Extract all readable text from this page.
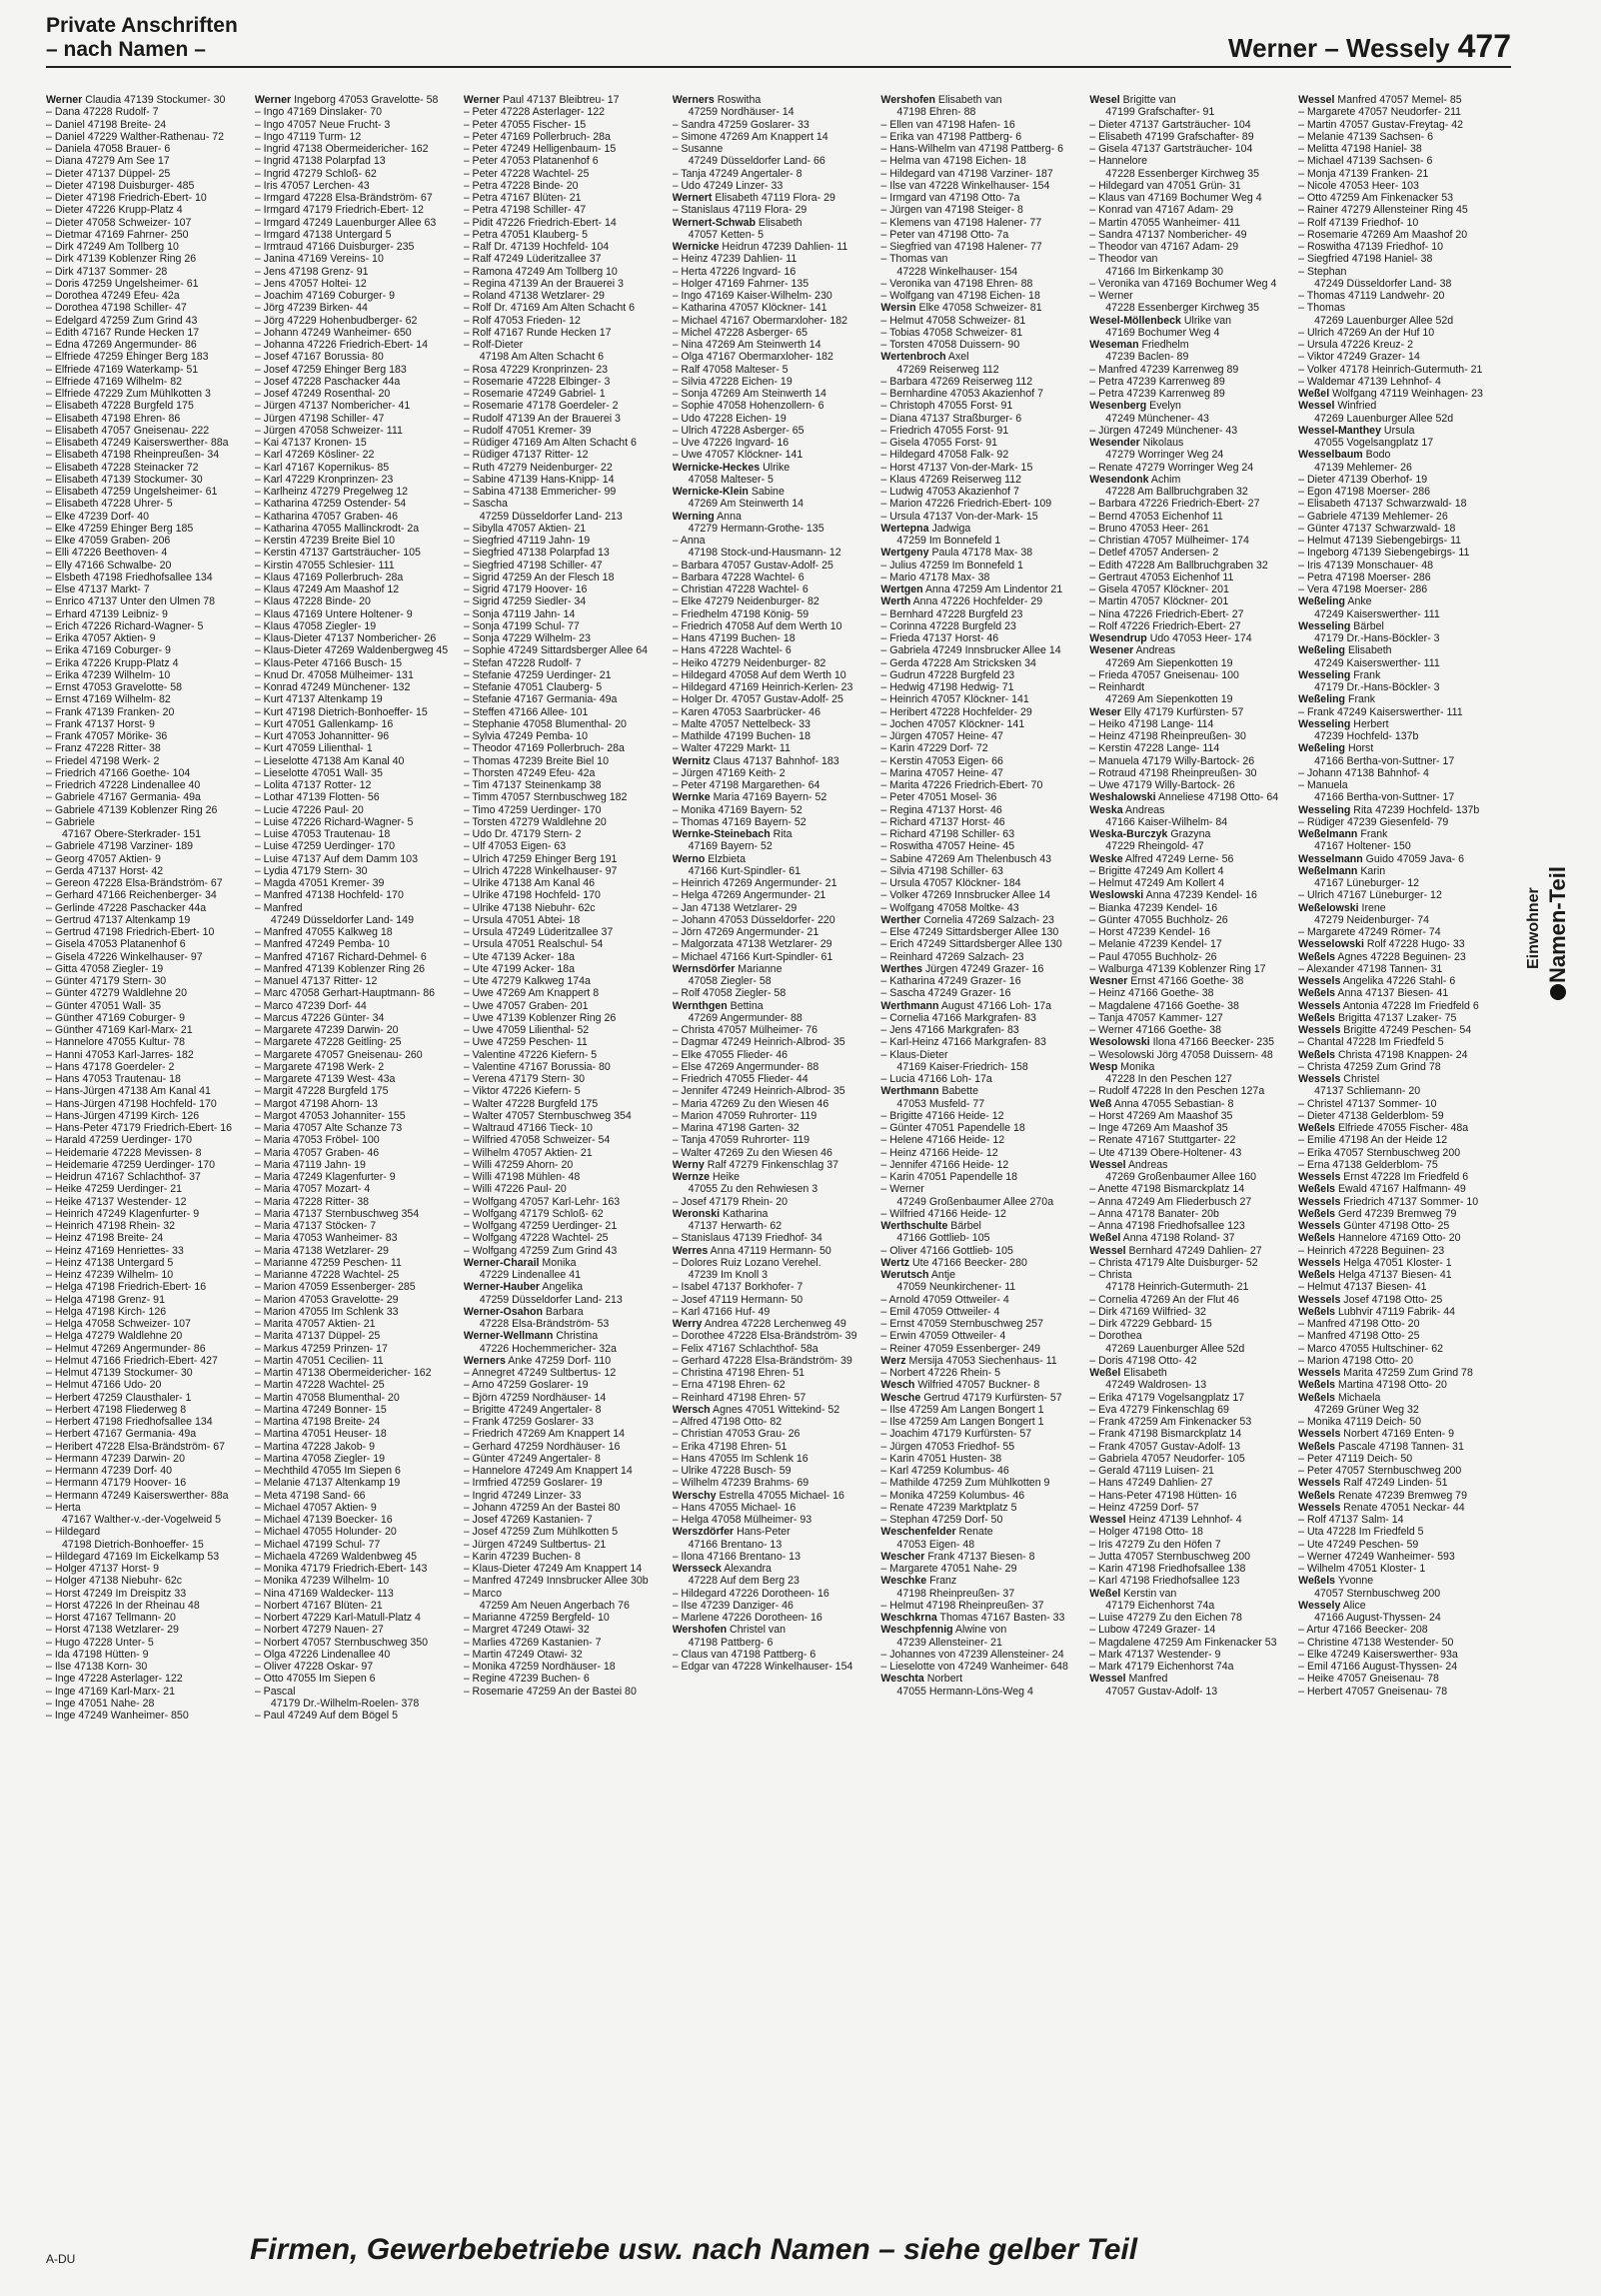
Private Anschriften
– nach Namen –	Werner – Wessely 477
Werner Claudia 47139 Stockumer- 30
– Dana 47228 Rudolf- 7
– Daniel 47198 Breite- 24
– Daniel 47229 Walther-Rathenau- 72
– Daniela 47058 Brauer- 6
– Diana 47279 Am See 17
– Dieter 47137 Düppel- 25
– Dieter 47198 Duisburger- 485
– Dieter 47198 Friedrich-Ebert- 10
– Dieter 47226 Krupp-Platz 4
– Dieter 47058 Schweizer- 107
– Dietmar 47169 Fahrner- 250
– Dirk 47249 Am Tollberg 10
– Dirk 47139 Koblenzer Ring 26
– Dirk 47137 Sommer- 28
– Doris 47259 Ungelsheimer- 61
– Dorothea 47249 Efeu- 42a
– Dorothea 47198 Schiller- 47
– Edelgard 47259 Zum Grind 43
– Edith 47167 Runde Hecken 17
– Edna 47269 Angermunder- 86
– Elfriede 47259 Ehinger Berg 183
– Elfriede 47169 Waterkamp- 51
– Elfriede 47169 Wilhelm- 82
– Elfriede 47229 Zum Mühlkotten 3
– Elisabeth 47228 Burgfeld 175
– Elisabeth 47198 Ehren- 86
– Elisabeth 47057 Gneisenau- 222
– Elisabeth 47249 Kaiserswerther- 88a
– Elisabeth 47198 Rheinpreußen- 34
– Elisabeth 47228 Steinacker 72
– Elisabeth 47139 Stockumer- 30
– Elisabeth 47259 Ungelsheimer- 61
– Elisabeth 47228 Uhrer- 5
– Elke 47239 Dorf- 40
– Elke 47259 Ehinger Berg 185
– Elke 47059 Graben- 206
– Elli 47226 Beethoven- 4
– Elly 47166 Schwalbe- 20
– Elsbeth 47198 Friedhofsallee 134
– Else 47137 Markt- 7
– Enrico 47137 Unter den Ulmen 78
– Erhard 47139 Leibniz- 9
– Erich 47226 Richard-Wagner- 5
– Erika 47057 Aktien- 9
– Erika 47169 Coburger- 9
– Erika 47226 Krupp-Platz 4
– Erika 47239 Wilhelm- 10
– Ernst 47053 Gravelotte- 58
– Ernst 47169 Wilhelm- 82
– Frank 47139 Franken- 20
– Frank 47137 Horst- 9
– Frank 47057 Mörike- 36
– Franz 47228 Ritter- 38
– Friedel 47198 Werk- 2
– Friedrich 47166 Goethe- 104
– Friedrich 47228 Lindenallee 40
– Gabriele 47167 Germania- 49a
– Gabriele 47139 Koblenzer Ring 26
– Gabriele
47167 Obere-Sterkrader- 151
– Gabriele 47198 Varziner- 189
– Georg 47057 Aktien- 9
– Gerda 47137 Horst- 42
– Gereon 47228 Elsa-Brändström- 67
– Gerhard 47166 Reichenberger- 34
– Gerlinde 47228 Paschacker 44a
– Gertrud 47137 Altenkamp 19
– Gertrud 47198 Friedrich-Ebert- 10
– Gisela 47053 Platanenhof 6
– Gisela 47226 Winkelhauser- 97
– Gitta 47058 Ziegler- 19
– Günter 47179 Stern- 30
– Günter 47279 Waldlehne 20
– Günter 47051 Wall- 35
– Günther 47169 Coburger- 9
– Günther 47169 Karl-Marx- 21
– Hannelore 47055 Kultur- 78
– Hanni 47053 Karl-Jarres- 182
– Hans 47178 Goerdeler- 2
– Hans 47053 Trautenau- 18
– Hans-Jürgen 47138 Am Kanal 41
– Hans-Jürgen 47198 Hochfeld- 170
– Hans-Jürgen 47199 Kirch- 126
– Hans-Peter 47179 Friedrich-Ebert- 16
– Harald 47259 Uerdinger- 170
– Heidemarie 47228 Mevissen- 8
– Heidemarie 47259 Uerdinger- 170
– Heidrun 47167 Schlachthof- 37
– Heike 47259 Uerdinger- 21
– Heike 47137 Westender- 12
– Heinrich 47249 Klagenfurter- 9
– Heinrich 47198 Rhein- 32
– Heinz 47198 Breite- 24
– Heinz 47169 Henriettes- 33
– Heinz 47138 Untergard 5
– Heinz 47239 Wilhelm- 10
– Helga 47198 Friedrich-Ebert- 16
– Helga 47198 Grenz- 91
– Helga 47198 Kirch- 126
– Helga 47058 Schweizer- 107
– Helga 47279 Waldlehne 20
– Helmut 47269 Angermunder- 86
– Helmut 47166 Friedrich-Ebert- 427
– Helmut 47139 Stockumer- 30
– Helmut 47166 Udo- 20
– Herbert 47259 Clausthaler- 1
– Herbert 47198 Fliederweg 8
– Herbert 47198 Friedhofsallee 134
– Herbert 47167 Germania- 49a
– Heribert 47228 Elsa-Brändström- 67
– Hermann 47239 Darwin- 20
– Hermann 47239 Dorf- 40
– Hermann 47179 Hoover- 16
– Hermann 47249 Kaiserswerther- 88a
– Herta
47167 Walther-v.-der-Vogelweid 5
– Hildegard
47198 Dietrich-Bonhoeffer- 15
– Hildegard 47169 Im Eickelkamp 53
– Holger 47137 Horst- 9
– Holger 47138 Niebuhr- 62c
– Horst 47249 Im Dreispitz 33
– Horst 47226 In der Rheinau 48
– Horst 47167 Tellmann- 20
– Horst 47138 Wetzlarer- 29
– Hugo 47228 Unter- 5
– Ida 47198 Hütten- 9
– Ilse 47138 Korn- 30
– Inge 47228 Asterlager- 122
– Inge 47169 Karl-Marx- 21
– Inge 47051 Nahe- 28
– Inge 47249 Wanheimer- 850
Werner Ingeborg 47053 Gravelotte- 58
– Ingo 47169 Dinslaker- 70
– Ingo 47057 Neue Frucht- 3
– Ingo 47119 Turm- 12
– Ingrid 47138 Obermeidericher- 162
– Ingrid 47138 Polarpfad 13
– Ingrid 47279 Schloß- 62
– Iris 47057 Lerchen- 43
– Irmgard 47228 Elsa-Brändström- 67
– Irmgard 47179 Friedrich-Ebert- 12
– Irmgard 47249 Lauenburger Allee 63
– Irmgard 47138 Untergard 5
– Irmtraud 47166 Duisburger- 235
– Janina 47169 Vereins- 10
– Jens 47198 Grenz- 91
– Jens 47057 Holtei- 12
– Joachim 47169 Coburger- 9
– Jörg 47239 Birken- 44
– Jörg 47229 Hohenbudberger- 62
– Johann 47249 Wanheimer- 650
– Johanna 47226 Friedrich-Ebert- 14
– Josef 47167 Borussia- 80
– Josef 47259 Ehinger Berg 183
– Josef 47228 Paschacker 44a
– Josef 47249 Rosenthal- 20
– Jürgen 47137 Nombericher- 41
– Jürgen 47198 Schiller- 47
– Jürgen 47058 Schweizer- 111
– Kai 47137 Kronen- 15
– Karl 47269 Kösliner- 22
– Karl 47167 Kopernikus- 85
– Karl 47229 Kronprinzen- 23
– Karlheinz 47279 Pregelweg 12
– Katharina 47259 Ostender- 54
– Katharina 47057 Graben- 46
– Katharina 47055 Mallinckrodt- 2a
– Kerstin 47239 Breite Biel 10
– Kerstin 47137 Gartsträucher- 105
– Kirstin 47055 Schlesier- 111
– Klaus 47169 Pollerbruch- 28a
– Klaus 47249 Am Maashof 12
– Klaus 47228 Binde- 20
– Klaus 47169 Untere Holtener- 9
– Klaus 47058 Ziegler- 19
– Klaus-Dieter 47137 Nombericher- 26
– Klaus-Dieter 47269 Waldenbergweg 45
– Klaus-Peter 47166 Busch- 15
– Knud Dr. 47058 Mülheimer- 131
– Konrad 47249 Münchener- 132
– Kurt 47137 Altenkamp 19
– Kurt 47198 Dietrich-Bonhoeffer- 15
– Kurt 47051 Gallenkamp- 16
– Kurt 47053 Johannitter- 96
– Kurt 47059 Lilienthal- 1
– Lieselotte 47138 Am Kanal 40
– Lieselotte 47051 Wall- 35
– Lolita 47137 Rotter- 12
– Lothar 47139 Flotten- 56
– Lucie 47226 Paul- 20
– Luise 47226 Richard-Wagner- 5
– Luise 47053 Trautenau- 18
– Luise 47259 Uerdinger- 170
– Luise 47137 Auf dem Damm 103
– Lydia 47179 Stern- 30
– Magda 47051 Kremer- 39
– Manfred 47138 Hochfeld- 170
– Manfred
47249 Düsseldorfer Land- 149
– Manfred 47055 Kalkweg 18
– Manfred 47249 Pemba- 10
– Manfred 47167 Richard-Dehmel- 6
– Manfred 47139 Koblenzer Ring 26
– Manuel 47137 Ritter- 12
– Marc 47058 Gerhart-Hauptmann- 86
– Marco 47239 Dorf- 44
– Marcus 47226 Günter- 34
– Margarete 47239 Darwin- 20
– Margarete 47228 Geitling- 25
– Margarete 47057 Gneisenau- 260
– Margarete 47198 Werk- 2
– Margarete 47139 West- 43a
– Margit 47228 Burgfeld 175
– Margot 47198 Ahorn- 13
– Margot 47053 Johanniter- 155
– Maria 47057 Alte Schanze 73
– Maria 47053 Fröbel- 100
– Maria 47057 Graben- 46
– Maria 47119 Jahn- 19
– Maria 47249 Klagenfurter- 9
– Maria 47057 Mozart- 4
– Maria 47228 Ritter- 38
– Maria 47137 Sternbuschweg 354
– Maria 47137 Stöcken- 7
– Maria 47053 Wanheimer- 83
– Maria 47138 Wetzlarer- 29
– Marianne 47259 Peschen- 11
– Marianne 47228 Wachtel- 25
– Marion 47059 Essenberger- 285
– Marion 47053 Gravelotte- 29
– Marion 47055 Im Schlenk 33
– Marita 47057 Aktien- 21
– Marita 47137 Düppel- 25
– Markus 47259 Prinzen- 17
– Martin 47051 Cecilien- 11
– Martin 47138 Obermeidericher- 162
– Martin 47228 Wachtel- 25
– Martin 47058 Blumenthal- 20
– Martina 47249 Bonner- 15
– Martina 47198 Breite- 24
– Martina 47051 Heuser- 18
– Martina 47228 Jakob- 9
– Martina 47058 Ziegler- 19
– Mechthild 47055 Im Siepen 6
– Melanie 47137 Altenkamp 19
– Meta 47198 Sand- 66
– Michael 47057 Aktien- 9
– Michael 47139 Boecker- 16
– Michael 47055 Holunder- 20
– Michael 47199 Schul- 77
– Michaela 47269 Waldenbweg 45
– Monika 47179 Friedrich-Ebert- 143
– Monika 47239 Wilhelm- 10
– Nina 47169 Waldecker- 113
– Norbert 47167 Blüten- 21
– Norbert 47229 Karl-Matull-Platz 4
– Norbert 47279 Nauen- 27
– Norbert 47057 Sternbuschweg 350
– Olga 47226 Lindenallee 40
– Oliver 47228 Oskar- 97
– Otto 47055 Im Siepen 6
– Pascal
47179 Dr.-Wilhelm-Roelen- 378
– Paul 47249 Auf dem Bögel 5
Werner Paul 47137 Bleibtreu- 17
– Peter 47228 Asterlager- 122
– Peter 47055 Fischer- 15
– Peter 47169 Pollerbruch- 28a
– Peter 47249 Helligenbaum- 15
– Peter 47053 Platanenhof 6
– Peter 47228 Wachtel- 25
– Petra 47228 Binde- 20
– Petra 47167 Blüten- 21
– Petra 47198 Schiller- 47
– Pidit 47226 Friedrich-Ebert- 14
– Petra 47051 Klauberg- 5
– Ralf Dr. 47139 Hochfeld- 104
– Ralf 47249 Lüderitzallee 37
– Ramona 47249 Am Tollberg 10
– Regina 47139 An der Brauerei 3
– Roland 47138 Wetzlarer- 29
– Rolf Dr. 47169 Am Alten Schacht 6
– Rolf 47053 Frieden- 12
– Rolf 47167 Runde Hecken 17
– Rolf-Dieter
47198 Am Alten Schacht 6
– Rosa 47229 Kronprinzen- 23
– Rosemarie 47228 Elbinger- 3
– Rosemarie 47249 Gabriel- 1
– Rosemarie 47178 Goerdeler- 2
– Rudolf 47139 An der Brauerei 3
– Rudolf 47051 Kremer- 39
– Rüdiger 47169 Am Alten Schacht 6
– Rüdiger 47137 Ritter- 12
– Ruth 47279 Neidenburger- 22
– Sabine 47139 Hans-Knipp- 14
– Sabina 47138 Emmericher- 99
– Sascha
47259 Düsseldorfer Land- 213
– Sibylla 47057 Aktien- 21
– Siegfried 47119 Jahn- 19
– Siegfried 47138 Polarpfad 13
– Siegfried 47198 Schiller- 47
– Sigrid 47259 An der Flesch 18
– Sigrid 47179 Hoover- 16
– Sigrid 47259 Siedler- 34
– Sonja 47119 Jahn- 14
– Sonja 47199 Schul- 77
– Sonja 47229 Wilhelm- 23
– Sophie 47249 Sittardsberger Allee 64
– Stefan 47228 Rudolf- 7
– Stefanie 47259 Uerdinger- 21
– Stefanie 47051 Clauberg- 5
– Stefanie 47167 Germania- 49a
– Steffen 47166 Allee- 101
– Stephanie 47058 Blumenthal- 20
– Sylvia 47249 Pemba- 10
– Theodor 47169 Pollerbruch- 28a
– Thomas 47239 Breite Biel 10
– Thorsten 47249 Efeu- 42a
– Tim 47137 Steinenkamp 38
– Timm 47057 Sternbuschweg 182
– Timo 47259 Uerdinger- 170
– Torsten 47279 Waldlehne 20
– Udo Dr. 47179 Stern- 2
– Ulf 47053 Eigen- 63
– Ulrich 47259 Ehinger Berg 191
– Ulrich 47228 Winkelhauser- 97
– Ulrike 47138 Am Kanal 46
– Ulrike 47198 Hochfeld- 170
– Ulrike 47138 Niebuhr- 62c
– Ursula 47051 Abtei- 18
– Ursula 47249 Lüderitzallee 37
– Ursula 47051 Realschul- 54
– Ute 47139 Acker- 18a
– Ute 47199 Acker- 18a
– Ute 47279 Kalkweg 174a
– Uwe 47269 Am Knappert 8
– Uwe 47057 Graben- 201
– Uwe 47139 Koblenzer Ring 26
– Uwe 47059 Lilienthal- 52
– Uwe 47259 Peschen- 11
– Valentine 47226 Kiefern- 5
– Valentine 47167 Borussia- 80
– Verena 47179 Stern- 30
– Viktor 47226 Kiefern- 5
– Walter 47228 Burgfeld 175
– Walter 47057 Sternbuschweg 354
– Waltraud 47166 Tieck- 10
– Wilfried 47058 Schweizer- 54
– Wilhelm 47057 Aktien- 21
– Willi 47259 Ahorn- 20
– Willi 47198 Mühlen- 48
– Willi 47226 Paul- 20
– Wolfgang 47057 Karl-Lehr- 163
– Wolfgang 47179 Schloß- 62
– Wolfgang 47259 Uerdinger- 21
– Wolfgang 47228 Wachtel- 25
– Wolfgang 47259 Zum Grind 43
Werner-Charail Monika
47229 Lindenallee 41
Werner-Hauber Angelika
47259 Düsseldorfer Land- 213
Werner-Osahon Barbara
47228 Elsa-Brändström- 53
Werner-Wellmann Christina
47226 Hochemmericher- 32a
Werners Anke 47259 Dorf- 110
– Annegret 47249 Sultbertus- 12
– Arno 47259 Goslarer- 19
– Björn 47259 Nordhäuser- 14
– Brigitte 47249 Angertaler- 8
– Frank 47259 Goslarer- 33
– Friedrich 47269 Am Knappert 14
– Gerhard 47259 Nordhäuser- 16
– Günter 47249 Angertaler- 8
– Hannelore 47249 Am Knappert 14
– Irmfried 47259 Goslarer- 19
– Ingrid 47249 Linzer- 33
– Johann 47259 An der Bastei 80
– Josef 47269 Kastanien- 7
– Josef 47259 Zum Mühlkotten 5
– Jürgen 47249 Sultbertus- 21
– Karin 47239 Buchen- 8
– Klaus-Dieter 47249 Am Knappert 14
– Manfred 47249 Innsbrucker Allee 30b
– Marco
47259 Am Neuen Angerbach 76
– Marianne 47259 Bergfeld- 10
– Margret 47249 Otawi- 32
– Marlies 47269 Kastanien- 7
– Martin 47249 Otawi- 32
– Monika 47259 Nordhäuser- 18
– Regine 47239 Buchen- 6
– Rosemarie 47259 An der Bastei 80
Werners Roswitha
47259 Nordhäuser- 14
– Sandra 47259 Goslarer- 33
– Simone 47269 Am Knappert 14
– Susanne
47249 Düsseldorfer Land- 66
– Tanja 47249 Angertaler- 8
– Udo 47249 Linzer- 33
Wernert Elisabeth 47119 Flora- 29
– Stanislaus 47119 Flora- 29
Wernert-Schwab Elisabeth
47057 Ketten- 5
Wernicke Heidrun 47239 Dahlien- 11
– Heinz 47239 Dahlien- 11
– Herta 47226 Ingvard- 16
– Holger 47169 Fahrner- 135
– Ingo 47169 Kaiser-Wilhelm- 230
– Katharina 47057 Klöckner- 141
– Michael 47167 Obermarxloher- 182
– Michel 47228 Asberger- 65
– Nina 47269 Am Steinwerth 14
– Olga 47167 Obermarxloher- 182
– Ralf 47058 Malteser- 5
– Silvia 47228 Eichen- 19
– Sonja 47269 Am Steinwerth 14
– Sophie 47058 Hohenzollern- 6
– Udo 47228 Eichen- 19
– Ulrich 47228 Asberger- 65
– Uve 47226 Ingvard- 16
– Uwe 47057 Klöckner- 141
Wernicke-Heckes Ulrike
47058 Malteser- 5
Wernicke-Klein Sabine
47269 Am Steinwerth 14
Werning Anna
47279 Hermann-Grothe- 135
– Anna
47198 Stock-und-Hausmann- 12
– Barbara 47057 Gustav-Adolf- 25
– Barbara 47228 Wachtel- 6
– Christian 47228 Wachtel- 6
– Elke 47279 Neidenburger- 82
– Friedhelm 47198 König- 59
– Friedrich 47058 Auf dem Werth 10
– Hans 47199 Buchen- 18
– Hans 47228 Wachtel- 6
– Heiko 47279 Neidenburger- 82
– Hildegard 47058 Auf dem Werth 10
– Hildegard 47169 Heinrich-Kerlen- 23
– Holger Dr. 47057 Gustav-Adolf- 25
– Karen 47053 Saarbrücker- 46
– Malte 47057 Nettelbeck- 33
– Mathilde 47199 Buchen- 18
– Walter 47229 Markt- 11
Wernitz Claus 47137 Bahnhof- 183
– Jürgen 47169 Keith- 2
– Peter 47198 Margarethen- 64
Wernke Maria 47169 Bayern- 52
– Monika 47169 Bayern- 52
– Thomas 47169 Bayern- 52
Wernke-Steinebach Rita
47169 Bayern- 52
Werno Elzbieta
47166 Kurt-Spindler- 61
– Heinrich 47269 Angermunder- 21
– Helga 47269 Angermunder- 21
– Jan 47138 Wetzlarer- 29
– Johann 47053 Düsseldorfer- 220
– Jörn 47269 Angermunder- 21
– Malgorzata 47138 Wetzlarer- 29
– Michael 47166 Kurt-Spindler- 61
Wernsdörfer Marianne
47058 Ziegler- 58
– Rolf 47058 Ziegler- 58
Wernthgen Bettina
47269 Angermunder- 88
– Christa 47057 Mülheimer- 76
– Dagmar 47249 Heinrich-Albrod- 35
– Elke 47055 Flieder- 46
– Else 47269 Angermunder- 88
– Friedrich 47055 Flieder- 44
– Jennifer 47249 Heinrich-Albrod- 35
– Maria 47269 Zu den Wiesen 46
– Marion 47059 Ruhrorter- 119
– Marina 47198 Garten- 32
– Tanja 47059 Ruhrorter- 119
– Walter 47269 Zu den Wiesen 46
Werny Ralf 47279 Finkenschlag 37
Wernze Heike
47055 Zu den Rehwiesen 3
– Josef 47179 Rhein- 20
Weronski Katharina
47137 Herwarth- 62
– Stanislaus 47139 Friedhof- 34
Werres Anna 47119 Hermann- 50
– Dolores Ruiz Lozano Verehel.
47239 Im Knoll 3
– Isabel 47137 Borkhofer- 7
– Josef 47119 Hermann- 50
– Karl 47166 Huf- 49
Werry Andrea 47228 Lerchenweg 49
– Dorothee 47228 Elsa-Brändström- 39
– Felix 47167 Schlachthof- 58a
– Gerhard 47228 Elsa-Brändström- 39
– Christina 47198 Ehren- 51
– Erna 47198 Ehren- 62
– Reinhard 47198 Ehren- 57
Wersch Agnes 47051 Wittekind- 52
– Alfred 47198 Otto- 82
– Christian 47053 Grau- 26
– Erika 47198 Ehren- 51
– Hans 47055 Im Schlenk 16
– Ulrike 47228 Busch- 59
– Wilhelm 47239 Brahms- 69
Werschy Estrella 47055 Michael- 16
– Hans 47055 Michael- 16
– Helga 47058 Mülheimer- 93
Werszdörfer Hans-Peter
47166 Brentano- 13
– Ilona 47166 Brentano- 13
Wersseck Alexandra
47228 Auf dem Berg 23
– Hildegard 47226 Dorotheen- 16
– Ilse 47239 Danziger- 46
– Marlene 47226 Dorotheen- 16
Wershofen Christel van
47198 Pattberg- 6
– Claus van 47198 Pattberg- 6
– Edgar van 47228 Winkelhauser- 154
Wershofen Elisabeth van
47198 Ehren- 88
– Ellen van 47198 Hafen- 16
– Erika van 47198 Pattberg- 6
– Hans-Wilhelm van 47198 Pattberg- 6
– Helma van 47198 Eichen- 18
– Hildegard van 47198 Varziner- 187
– Ilse van 47228 Winkelhauser- 154
– Irmgard van 47198 Otto- 7a
– Jürgen van 47198 Steiger- 8
– Klemens van 47198 Halener- 77
– Peter van 47198 Otto- 7a
– Siegfried van 47198 Halener- 77
– Thomas van
47228 Winkelhauser- 154
– Veronika van 47198 Ehren- 88
– Wolfgang van 47198 Eichen- 18
Wersin Elke 47058 Schweizer- 81
– Helmut 47058 Schweizer- 81
– Tobias 47058 Schweizer- 81
– Torsten 47058 Duissern- 90
Wertenbroch Axel
47269 Reiserweg 112
– Barbara 47269 Reiserweg 112
– Bernhardine 47053 Akazienhof 7
– Christoph 47055 Forst- 91
– Diana 47137 Straßburger- 6
– Friedrich 47055 Forst- 91
– Gisela 47055 Forst- 91
– Hildegard 47058 Falk- 92
– Horst 47137 Von-der-Mark- 15
– Klaus 47269 Reiserweg 112
– Ludwig 47053 Akazienhof 7
– Marion 47226 Friedrich-Ebert- 109
– Ursula 47137 Von-der-Mark- 15
Wertepna Jadwiga
47259 Im Bonnefeld 1
Wertgeny Paula 47178 Max- 38
– Julius 47259 Im Bonnefeld 1
– Mario 47178 Max- 38
Wertgen Anna 47259 Am Lindentor 21
Werth Anna 47226 Hochfelder- 29
– Bernhard 47228 Burgfeld 23
– Corinna 47228 Burgfeld 23
– Frieda 47137 Horst- 46
– Gabriela 47249 Innsbrucker Allee 14
– Gerda 47228 Am Stricksken 34
– Gudrun 47228 Burgfeld 23
– Hedwig 47198 Hedwig- 71
– Heinrich 47057 Klöckner- 141
– Heribert 47228 Hochfelder- 29
– Jochen 47057 Klöckner- 141
– Jürgen 47057 Heine- 47
– Karin 47229 Dorf- 72
– Kerstin 47053 Eigen- 66
– Marina 47057 Heine- 47
– Marita 47226 Friedrich-Ebert- 70
– Peter 47051 Mosel- 36
– Regina 47137 Horst- 46
– Richard 47137 Horst- 46
– Richard 47198 Schiller- 63
– Roswitha 47057 Heine- 45
– Sabine 47269 Am Thelenbusch 43
– Silvia 47198 Schiller- 63
– Ursula 47057 Klöckner- 184
– Volker 47269 Innsbrucker Allee 14
– Wolfgang 47058 Moltke- 43
Werther Cornelia 47269 Salzach- 23
– Else 47249 Sittardsberger Allee 130
– Erich 47249 Sittardsberger Allee 130
– Reinhard 47269 Salzach- 23
Werthes Jürgen 47249 Grazer- 16
– Katharina 47249 Grazer- 16
– Sascha 47249 Grazer- 16
Werthmann August 47166 Loh- 17a
– Cornelia 47166 Markgrafen- 83
– Jens 47166 Markgrafen- 83
– Karl-Heinz 47166 Markgrafen- 83
– Klaus-Dieter
47169 Kaiser-Friedrich- 158
– Lucia 47166 Loh- 17a
Werthmann Babette
47053 Musfeld- 77
– Brigitte 47166 Heide- 12
– Günter 47051 Papendelle 18
– Helene 47166 Heide- 12
– Heinz 47166 Heide- 12
– Jennifer 47166 Heide- 12
– Karin 47051 Papendelle 18
– Werner
47249 Großenbaumer Allee 270a
– Wilfried 47166 Heide- 12
Werthschulte Bärbel
47166 Gottlieb- 105
– Oliver 47166 Gottlieb- 105
Wertz Ute 47166 Beecker- 280
Werutsch Antje
47059 Neunkirchener- 11
– Arnold 47059 Ottweiler- 4
– Emil 47059 Ottweiler- 4
– Ernst 47059 Sternbuschweg 257
– Erwin 47059 Ottweiler- 4
– Reiner 47059 Essenberger- 249
Werz Mersija 47053 Siechenhaus- 11
– Norbert 47226 Rhein- 5
Wesch Wilfried 47057 Buckner- 8
Wesche Gertrud 47179 Kurfürsten- 57
– Ilse 47259 Am Langen Bongert 1
– Ilse 47259 Am Langen Bongert 1
– Joachim 47179 Kurfürsten- 57
– Jürgen 47053 Friedhof- 55
– Karin 47051 Husten- 38
– Karl 47259 Kolumbus- 46
– Mathilde 47259 Zum Mühlkotten 9
– Monika 47259 Kolumbus- 46
– Renate 47239 Marktplatz 5
– Stephan 47259 Dorf- 50
Weschenfelder Renate
47053 Eigen- 48
Wescher Frank 47137 Biesen- 8
– Margarete 47051 Nahe- 29
Weschke Franz
47198 Rheinpreußen- 37
– Helmut 47198 Rheinpreußen- 37
Weschkrna Thomas 47167 Basten- 33
Weschpfennig Alwine von
47239 Allensteiner- 21
– Johannes von 47239 Allensteiner- 24
– Lieselotte von 47249 Wanheimer- 648
Weschta Norbert
47055 Hermann-Löns-Weg 4
Wesel Brigitte van
47199 Grafschafter- 91
– Dieter 47137 Gartsträucher- 104
– Elisabeth 47199 Grafschafter- 89
– Gisela 47137 Gartsträucher- 104
– Hannelore
47228 Essenberger Kirchweg 35
– Hildegard van 47051 Grün- 31
– Klaus van 47169 Bochumer Weg 4
– Konrad van 47167 Adam- 29
– Martin 47055 Wanheimer- 411
– Sandra 47137 Nombericher- 49
– Theodor van 47167 Adam- 29
– Theodor van
47166 Im Birkenkamp 30
– Veronika van 47169 Bochumer Weg 4
– Werner
47228 Essenberger Kirchweg 35
Wesel-Möllenbeck Ulrike van
47169 Bochumer Weg 4
Weseman Friedhelm
47239 Baclen- 89
– Manfred 47239 Karrenweg 89
– Petra 47239 Karrenweg 89
– Petra 47239 Karrenweg 89
Wesenberg Evelyn
47249 Münchener- 43
– Jürgen 47249 Münchener- 43
Wesender Nikolaus
47279 Worringer Weg 24
– Renate 47279 Worringer Weg 24
Wesendonk Achim
47228 Am Ballbruchgraben 32
– Barbara 47226 Friedrich-Ebert- 27
– Bernd 47053 Eichenhof 11
– Bruno 47053 Heer- 261
– Christian 47057 Mülheimer- 174
– Detlef 47057 Andersen- 2
– Edith 47228 Am Ballbruchgraben 32
– Gertraut 47053 Eichenhof 11
– Gisela 47057 Klöckner- 201
– Martin 47057 Klöckner- 201
– Nina 47226 Friedrich-Ebert- 27
– Rolf 47226 Friedrich-Ebert- 27
Wesendrup Udo 47053 Heer- 174
Wesener Andreas
47269 Am Siepenkotten 19
– Frieda 47057 Gneisenau- 100
– Reinhardt
47269 Am Siepenkotten 19
Weser Elly 47179 Kurfürsten- 57
– Heiko 47198 Lange- 114
– Heinz 47198 Rheinpreußen- 30
– Kerstin 47228 Lange- 114
– Manuela 47179 Willy-Bartock- 26
– Rotraud 47198 Rheinpreußen- 30
– Uwe 47179 Willy-Bartock- 26
Weshalowski Anneliese 47198 Otto- 64
Weska Andreas
47166 Kaiser-Wilhelm- 84
Weska-Burczyk Grazyna
47229 Rheingold- 47
Weske Alfred 47249 Lerne- 56
– Brigitte 47249 Am Kollert 4
– Helmut 47249 Am Kollert 4
Weslowski Anna 47239 Kendel- 16
– Bianka 47239 Kendel- 16
– Günter 47055 Buchholz- 26
– Horst 47239 Kendel- 16
– Melanie 47239 Kendel- 17
– Paul 47055 Buchholz- 26
– Walburga 47139 Koblenzer Ring 17
Wesner Ernst 47166 Goethe- 38
– Heinz 47166 Goethe- 38
– Magdalene 47166 Goethe- 38
– Tanja 47057 Kammer- 127
– Werner 47166 Goethe- 38
Wesolowski Ilona 47166 Beecker- 235
– Wesolowski Jörg 47058 Duissern- 48
Wesp Monika
47228 In den Peschen 127
– Rudolf 47228 In den Peschen 127a
Weß Anna 47055 Sebastian- 8
– Horst 47269 Am Maashof 35
– Inge 47269 Am Maashof 35
– Renate 47167 Stuttgarter- 22
– Ute 47139 Obere-Holtener- 43
Wessel Andreas
47269 Großenbaumer Allee 160
– Anette 47198 Bismarckplatz 14
– Anna 47249 Am Fliederbusch 27
– Anna 47178 Banater- 20b
– Anna 47198 Friedhofsallee 123
Weßel Anna 47198 Roland- 37
Wessel Bernhard 47249 Dahlien- 27
– Christa 47179 Alte Duisburger- 52
– Christa
47178 Heinrich-Gutermuth- 21
– Cornelia 47269 An der Flut 46
– Dirk 47169 Wilfried- 32
– Dirk 47229 Gebbard- 15
– Dorothea
47269 Lauenburger Allee 52d
– Doris 47198 Otto- 42
Weßel Elisabeth
47249 Waldrosen- 13
– Erika 47179 Vogelsangplatz 17
– Eva 47279 Finkenschlag 69
– Frank 47259 Am Finkenacker 53
– Frank 47198 Bismarckplatz 14
– Frank 47057 Gustav-Adolf- 13
– Gabriela 47057 Neudorfer- 105
– Gerald 47119 Luisen- 21
– Hans 47249 Dahlien- 27
– Hans-Peter 47198 Hütten- 16
– Heinz 47259 Dorf- 57
Wessel Heinz 47139 Lehnhof- 4
– Holger 47198 Otto- 18
– Iris 47279 Zu den Höfen 7
– Jutta 47057 Sternbuschweg 200
– Karin 47198 Friedhofsallee 138
– Karl 47198 Friedhofsallee 123
Weßel Kerstin van
47179 Eichenhorst 74a
– Luise 47279 Zu den Eichen 78
– Lubow 47249 Grazer- 14
– Magdalene 47259 Am Finkenacker 53
– Mark 47137 Westender- 9
– Mark 47179 Eichenhorst 74a
Wessel Manfred
47057 Gustav-Adolf- 13
Wessel Manfred 47057 Memel- 85
– Margarete 47057 Neudorfer- 211
– Martin 47057 Gustav-Freytag- 42
– Melanie 47139 Sachsen- 6
– Melitta 47198 Haniel- 38
– Michael 47139 Sachsen- 6
– Monja 47139 Franken- 21
– Nicole 47053 Heer- 103
– Otto 47259 Am Finkenacker 53
– Rainer 47279 Allensteiner Ring 45
– Rolf 47139 Friedhof- 10
– Rosemarie 47269 Am Maashof 20
– Roswitha 47139 Friedhof- 10
– Siegfried 47198 Haniel- 38
– Stephan
47249 Düsseldorfer Land- 38
– Thomas 47119 Landwehr- 20
– Thomas
47269 Lauenburger Allee 52d
– Ulrich 47269 An der Huf 10
– Ursula 47226 Kreuz- 2
– Viktor 47249 Grazer- 14
– Volker 47178 Heinrich-Gutermuth- 21
– Waldemar 47139 Lehnhof- 4
Weßel Wolfgang 47119 Weinhagen- 23
Wessel Winfried
47269 Lauenburger Allee 52d
Wessel-Manthey Ursula
47055 Vogelsangplatz 17
Wesselbaum Bodo
47139 Mehlemer- 26
– Dieter 47139 Oberhof- 19
– Egon 47198 Moerser- 286
– Elisabeth 47137 Schwarzwald- 18
– Gabriele 47139 Mehlemer- 26
– Günter 47137 Schwarzwald- 18
– Helmut 47139 Siebengebirgs- 11
– Ingeborg 47139 Siebengebirgs- 11
– Iris 47139 Monschauer- 48
– Petra 47198 Moerser- 286
– Vera 47198 Moerser- 286
Weßeling Anke
47249 Kaiserswerther- 111
Wesseling Bärbel
47179 Dr.-Hans-Böckler- 3
Weßeling Elisabeth
47249 Kaiserswerther- 111
Wesseling Frank
47179 Dr.-Hans-Böckler- 3
Weßeling Frank
– Frank 47249 Kaiserswerther- 111
Wesseling Herbert
47239 Hochfeld- 137b
Weßeling Horst
47166 Bertha-von-Suttner- 17
– Johann 47138 Bahnhof- 4
– Manuela
47166 Bertha-von-Suttner- 17
Wesseling Rita 47239 Hochfeld- 137b
– Rüdiger 47239 Giesenfeld- 79
Weßelmann Frank
47167 Holtener- 150
Wesselmann Guido 47059 Java- 6
Weßelmann Karin
47167 Lüneburger- 12
– Ulrich 47167 Lüneburger- 12
Weßelowski Irene
47279 Neidenburger- 74
– Margarete 47249 Römer- 74
Wesselowski Rolf 47228 Hugo- 33
Weßels Agnes 47228 Beguinen- 23
– Alexander 47198 Tannen- 31
Wessels Angelika 47226 Stahl- 6
Weßels Anna 47137 Biesen- 41
Wessels Antonia 47228 Im Friedfeld 6
Weßels Brigitta 47137 Lzaker- 75
Wessels Brigitte 47249 Peschen- 54
– Chantal 47228 Im Friedfeld 5
Weßels Christa 47198 Knappen- 24
– Christa 47259 Zum Grind 78
Wessels Christel
47137 Schliemann- 20
– Christel 47137 Sommer- 10
– Dieter 47138 Gelderblom- 59
Weßels Elfriede 47055 Fischer- 48a
– Emilie 47198 An der Heide 12
– Erika 47057 Sternbuschweg 200
– Erna 47138 Gelderblom- 75
Wessels Ernst 47228 Im Friedfeld 6
Weßels Ewald 47167 Halfmann- 49
Wessels Friedrich 47137 Sommer- 10
Weßels Gerd 47239 Bremweg 79
Wessels Günter 47198 Otto- 25
Weßels Hannelore 47169 Otto- 20
– Heinrich 47228 Beguinen- 23
Wessels Helga 47051 Kloster- 1
Weßels Helga 47137 Biesen- 41
– Helmut 47137 Biesen- 41
Wessels Josef 47198 Otto- 25
Weßels Lubhvir 47119 Fabrik- 44
– Manfred 47198 Otto- 20
– Manfred 47198 Otto- 25
– Marco 47055 Hultschiner- 62
– Marion 47198 Otto- 20
Wessels Marita 47259 Zum Grind 78
Weßels Martina 47198 Otto- 20
Weßels Michaela
47269 Grüner Weg 32
– Monika 47119 Deich- 50
Wessels Norbert 47169 Enten- 9
Weßels Pascale 47198 Tannen- 31
– Peter 47119 Deich- 50
– Peter 47057 Sternbuschweg 200
Wessels Ralf 47249 Linden- 51
Weßels Renate 47239 Bremweg 79
Wessels Renate 47051 Neckar- 44
– Rolf 47137 Salm- 14
– Uta 47228 Im Friedfeld 5
– Ute 47249 Peschen- 59
– Werner 47249 Wanheimer- 593
– Wilhelm 47051 Kloster- 1
Weßels Yvonne
47057 Sternbuschweg 200
Wessely Alice
47166 August-Thyssen- 24
– Artur 47166 Beecker- 208
– Christine 47138 Westender- 50
– Elke 47249 Kaiserswerther- 93a
– Emil 47166 August-Thyssen- 24
– Heike 47057 Gneisenau- 78
– Herbert 47057 Gneisenau- 78
Einwohner Namen-Teil
A-DU	Firmen, Gewerbebetriebe usw. nach Namen – siehe gelber Teil
